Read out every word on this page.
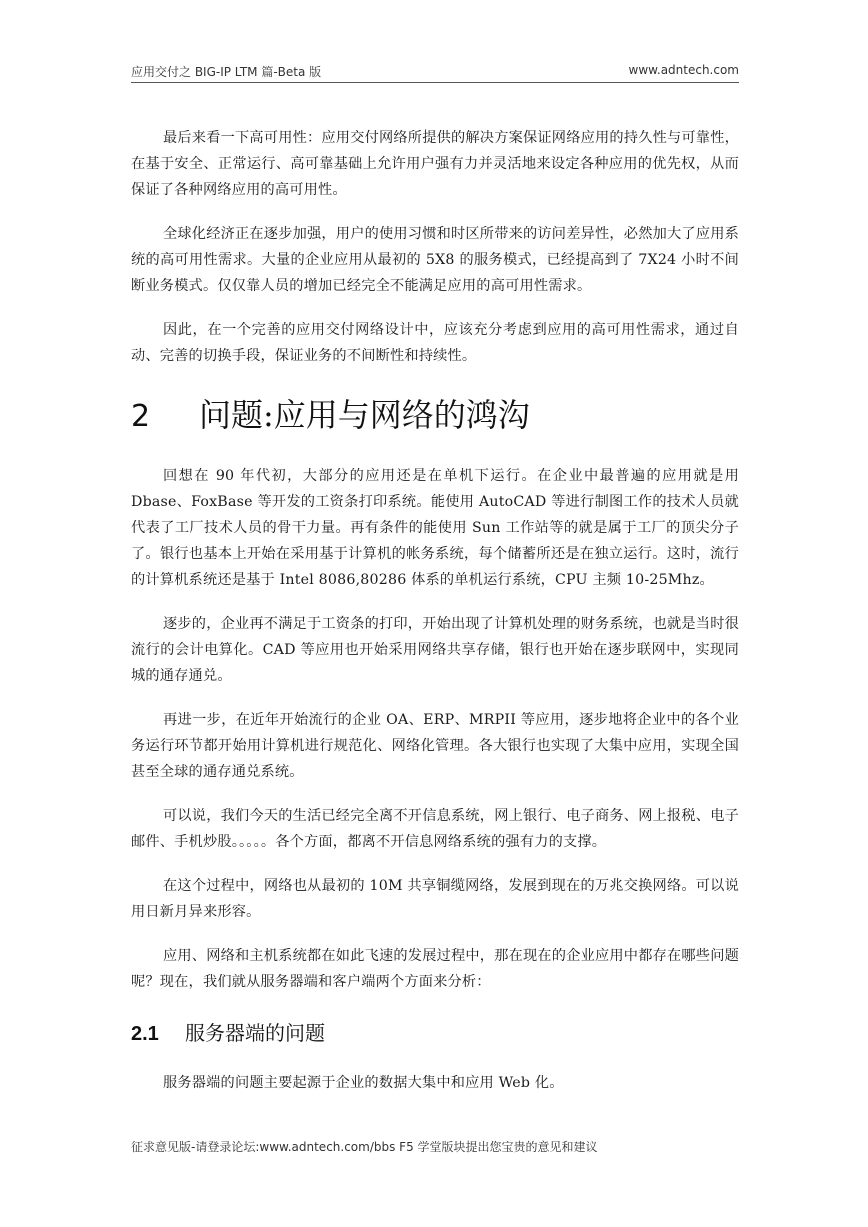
应用交付之 BIG-IP LTM 篇-Beta 版	www.adntech.com

最后来看一下高可用性：应用交付网络所提供的解决方案保证网络应用的持久性与可靠性，在基于安全、正常运行、高可靠基础上允许用户强有力并灵活地来设定各种应用的优先权，从而保证了各种网络应用的高可用性。

全球化经济正在逐步加强，用户的使用习惯和时区所带来的访问差异性，必然加大了应用系统的高可用性需求。大量的企业应用从最初的 5X8 的服务模式，已经提高到了 7X24 小时不间断业务模式。仅仅靠人员的增加已经完全不能满足应用的高可用性需求。

因此，在一个完善的应用交付网络设计中，应该充分考虑到应用的高可用性需求，通过自动、完善的切换手段，保证业务的不间断性和持续性。

2	问题:应用与网络的鸿沟

回想在 90 年代初，大部分的应用还是在单机下运行。在企业中最普遍的应用就是用 Dbase、FoxBase 等开发的工资条打印系统。能使用 AutoCAD 等进行制图工作的技术人员就代表了工厂技术人员的骨干力量。再有条件的能使用 Sun 工作站等的就是属于工厂的顶尖分子了。银行也基本上开始在采用基于计算机的帐务系统，每个储蓄所还是在独立运行。这时，流行的计算机系统还是基于 Intel 8086,80286 体系的单机运行系统，CPU 主频 10-25Mhz。

逐步的，企业再不满足于工资条的打印，开始出现了计算机处理的财务系统，也就是当时很流行的会计电算化。CAD 等应用也开始采用网络共享存储，银行也开始在逐步联网中，实现同城的通存通兑。

再进一步，在近年开始流行的企业 OA、ERP、MRPII 等应用，逐步地将企业中的各个业务运行环节都开始用计算机进行规范化、网络化管理。各大银行也实现了大集中应用，实现全国甚至全球的通存通兑系统。

可以说，我们今天的生活已经完全离不开信息系统，网上银行、电子商务、网上报税、电子邮件、手机炒股。。。。。各个方面，都离不开信息网络系统的强有力的支撑。

在这个过程中，网络也从最初的 10M 共享铜缆网络，发展到现在的万兆交换网络。可以说用日新月异来形容。

应用、网络和主机系统都在如此飞速的发展过程中，那在现在的企业应用中都存在哪些问题呢？现在，我们就从服务器端和客户端两个方面来分析：

2.1	服务器端的问题

服务器端的问题主要起源于企业的数据大集中和应用 Web 化。

征求意见版-请登录论坛:www.adntech.com/bbs F5 学堂版块提出您宝贵的意见和建议
